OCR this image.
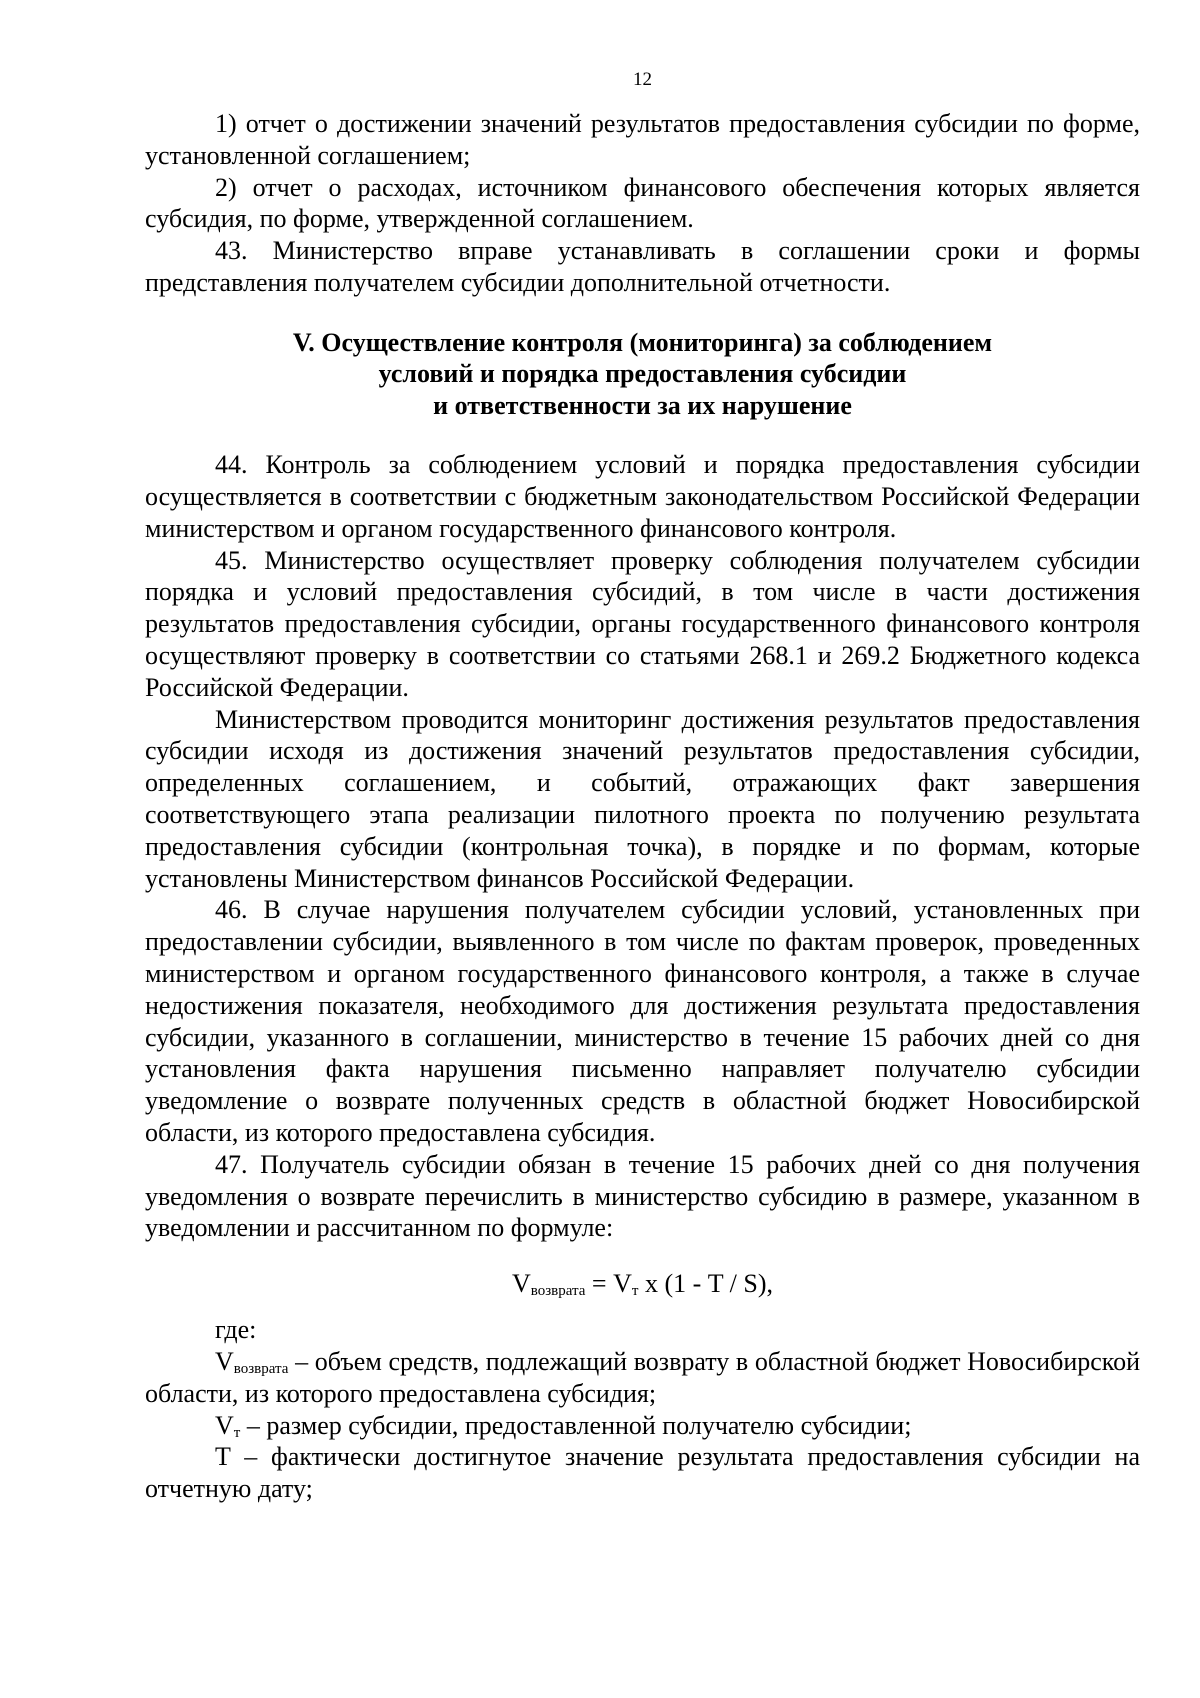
12

1) отчет о достижении значений результатов предоставления субсидии по форме, установленной соглашением;

2) отчет о расходах, источником финансового обеспечения которых является субсидия, по форме, утвержденной соглашением.

43. Министерство вправе устанавливать в соглашении сроки и формы представления получателем субсидии дополнительной отчетности.

V. Осуществление контроля (мониторинга) за соблюдением
условий и порядка предоставления субсидии
и ответственности за их нарушение

44. Контроль за соблюдением условий и порядка предоставления субсидии осуществляется в соответствии с бюджетным законодательством Российской Федерации министерством и органом государственного финансового контроля.

45. Министерство осуществляет проверку соблюдения получателем субсидии порядка и условий предоставления субсидий, в том числе в части достижения результатов предоставления субсидии, органы государственного финансового контроля осуществляют проверку в соответствии со статьями 268.1 и 269.2 Бюджетного кодекса Российской Федерации.

Министерством проводится мониторинг достижения результатов предоставления субсидии исходя из достижения значений результатов предоставления субсидии, определенных соглашением, и событий, отражающих факт завершения соответствующего этапа реализации пилотного проекта по получению результата предоставления субсидии (контрольная точка), в порядке и по формам, которые установлены Министерством финансов Российской Федерации.

46. В случае нарушения получателем субсидии условий, установленных при предоставлении субсидии, выявленного в том числе по фактам проверок, проведенных министерством и органом государственного финансового контроля, а также в случае недостижения показателя, необходимого для достижения результата предоставления субсидии, указанного в соглашении, министерство в течение 15 рабочих дней со дня установления факта нарушения письменно направляет получателю субсидии уведомление о возврате полученных средств в областной бюджет Новосибирской области, из которого предоставлена субсидия.

47. Получатель субсидии обязан в течение 15 рабочих дней со дня получения уведомления о возврате перечислить в министерство субсидию в размере, указанном в уведомлении и рассчитанном по формуле:

$V_{возврата} = V_т$ х (1 - T / S),

где:

$V_{возврата}$ – объем средств, подлежащий возврату в областной бюджет Новосибирской области, из которого предоставлена субсидия;

$V_т$ – размер субсидии, предоставленной получателю субсидии;

T – фактически достигнутое значение результата предоставления субсидии на отчетную дату;
